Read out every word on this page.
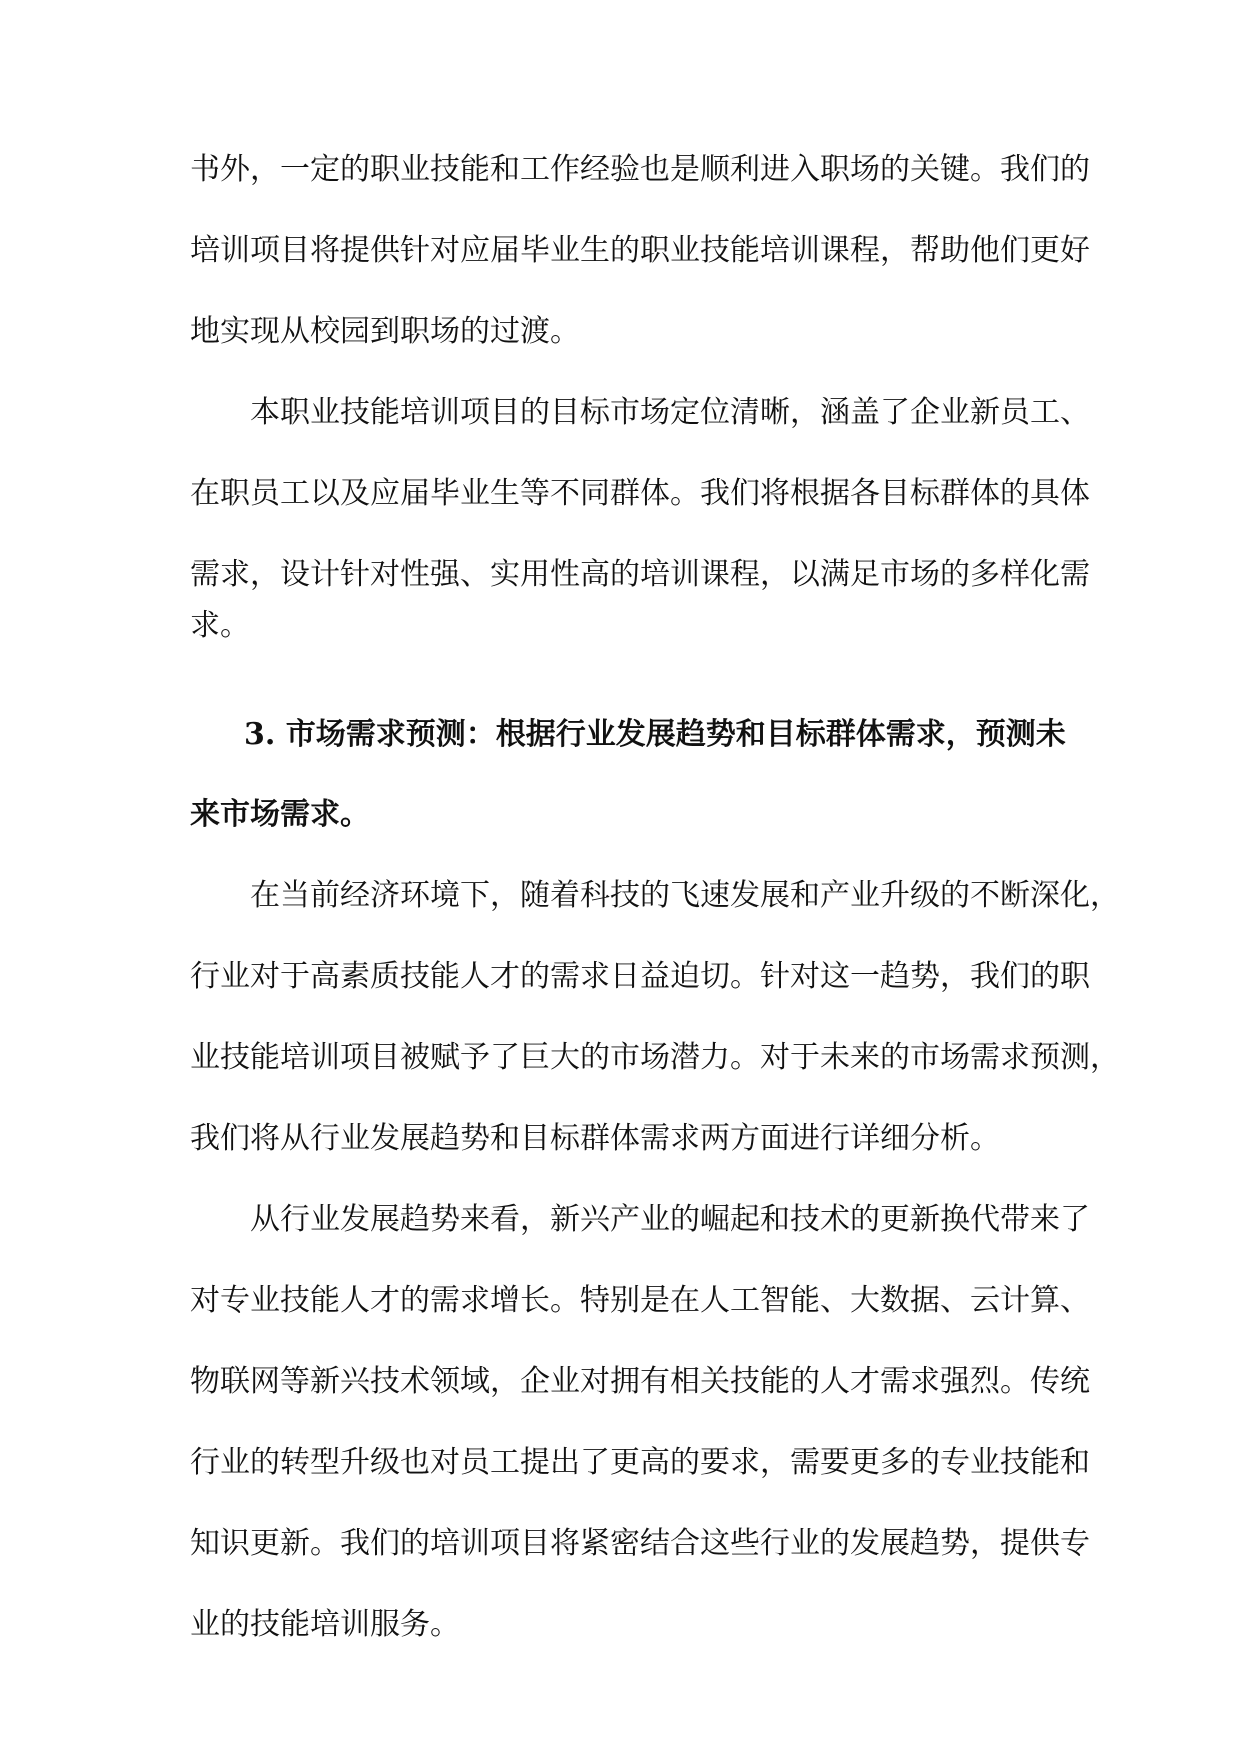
书外，一定的职业技能和工作经验也是顺利进入职场的关键。我们的
培训项目将提供针对应届毕业生的职业技能培训课程，帮助他们更好
地实现从校园到职场的过渡。
本职业技能培训项目的目标市场定位清晰，涵盖了企业新员工、
在职员工以及应届毕业生等不同群体。我们将根据各目标群体的具体
需求，设计针对性强、实用性高的培训课程，以满足市场的多样化需
求。
3. 市场需求预测：根据行业发展趋势和目标群体需求，预测未
来市场需求。
在当前经济环境下，随着科技的飞速发展和产业升级的不断深化，
行业对于高素质技能人才的需求日益迫切。针对这一趋势，我们的职
业技能培训项目被赋予了巨大的市场潜力。对于未来的市场需求预测，
我们将从行业发展趋势和目标群体需求两方面进行详细分析。
从行业发展趋势来看，新兴产业的崛起和技术的更新换代带来了
对专业技能人才的需求增长。特别是在人工智能、大数据、云计算、
物联网等新兴技术领域，企业对拥有相关技能的人才需求强烈。传统
行业的转型升级也对员工提出了更高的要求，需要更多的专业技能和
知识更新。我们的培训项目将紧密结合这些行业的发展趋势，提供专
业的技能培训服务。
